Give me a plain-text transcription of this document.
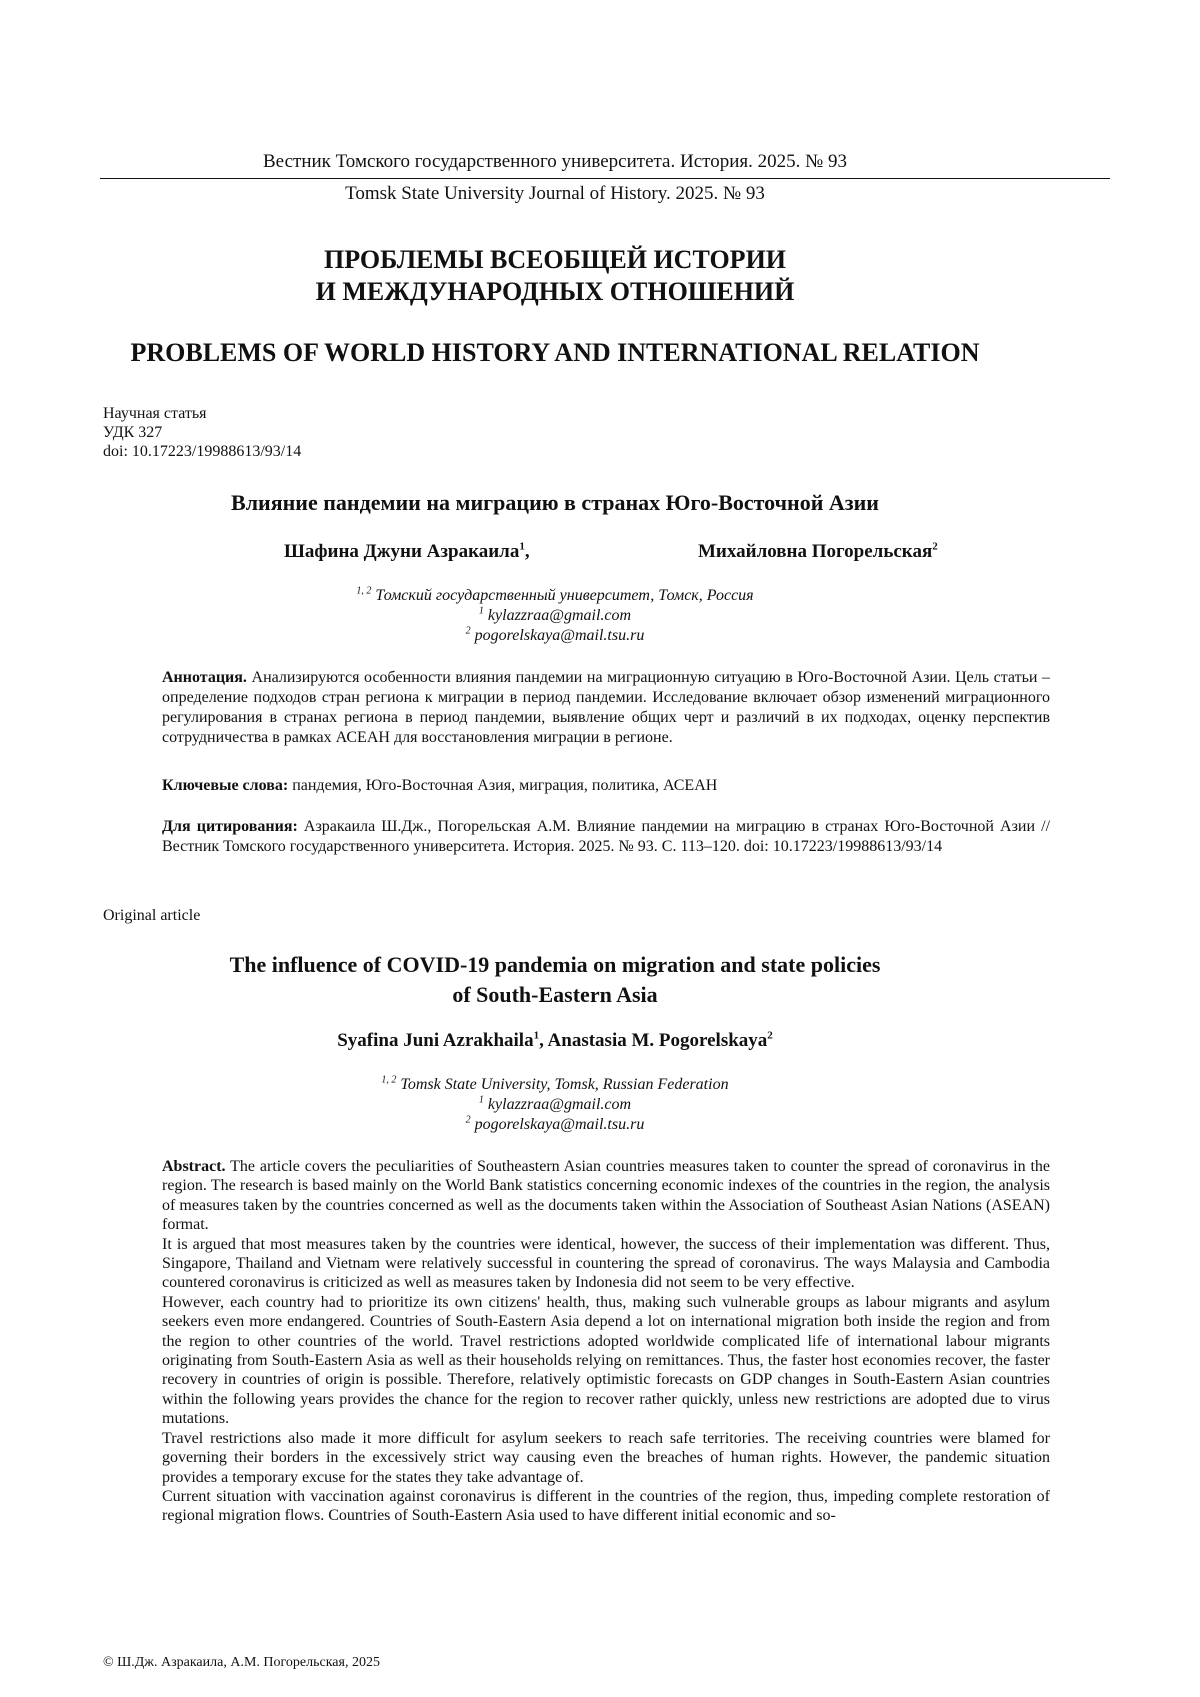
Вестник Томского государственного университета. История. 2025. № 93
Tomsk State University Journal of History. 2025. № 93
ПРОБЛЕМЫ ВСЕОБЩЕЙ ИСТОРИИ
И МЕЖДУНАРОДНЫХ ОТНОШЕНИЙ
PROBLEMS OF WORLD HISTORY AND INTERNATIONAL RELATION
Научная статья
УДК 327
doi: 10.17223/19988613/93/14
Влияние пандемии на миграцию в странах Юго-Восточной Азии
Шафина Джуни Азракаила$^1$,	Михайловна Погорельская$^2$
$^{1, 2}$ Томский государственный университет, Томск, Россия
$^1$ kylazzraa@gmail.com
$^2$ pogorelskaya@mail.tsu.ru
Аннотация. Анализируются особенности влияния пандемии на миграционную ситуацию в Юго-Восточной Азии. Цель статьи – определение подходов стран региона к миграции в период пандемии. Исследование включает обзор изменений миграционного регулирования в странах региона в период пандемии, выявление общих черт и различий в их подходах, оценку перспектив сотрудничества в рамках АСЕАН для восстановления миграции в регионе.
Ключевые слова: пандемия, Юго-Восточная Азия, миграция, политика, АСЕАН
Для цитирования: Азракаила Ш.Дж., Погорельская А.М. Влияние пандемии на миграцию в странах Юго-Восточной Азии // Вестник Томского государственного университета. История. 2025. № 93. С. 113–120. doi: 10.17223/19988613/93/14
Original article
The influence of COVID-19 pandemia on migration and state policies
of South-Eastern Asia
Syafina Juni Azrakhaila$^1$, Anastasia M. Pogorelskaya$^2$
$^{1, 2}$ Tomsk State University, Tomsk, Russian Federation
$^1$ kylazzraa@gmail.com
$^2$ pogorelskaya@mail.tsu.ru

Abstract. The article covers the peculiarities of Southeastern Asian countries measures taken to counter the spread of coronavirus in the region. The research is based mainly on the World Bank statistics concerning economic indexes of the countries in the region, the analysis of measures taken by the countries concerned as well as the documents taken within the Association of Southeast Asian Nations (ASEAN) format.

It is argued that most measures taken by the countries were identical, however, the success of their implementation was different. Thus, Singapore, Thailand and Vietnam were relatively successful in countering the spread of coronavirus. The ways Malaysia and Cambodia countered coronavirus is criticized as well as measures taken by Indonesia did not seem to be very effective.

However, each country had to prioritize its own citizens' health, thus, making such vulnerable groups as labour migrants and asylum seekers even more endangered. Countries of South-Eastern Asia depend a lot on international migration both inside the region and from the region to other countries of the world. Travel restrictions adopted worldwide complicated life of international labour migrants originating from South-Eastern Asia as well as their households relying on remittances. Thus, the faster host economies recover, the faster recovery in countries of origin is possible. Therefore, relatively optimistic forecasts on GDP changes in South-Eastern Asian countries within the following years provides the chance for the region to recover rather quickly, unless new restrictions are adopted due to virus mutations.

Travel restrictions also made it more difficult for asylum seekers to reach safe territories. The receiving countries were blamed for governing their borders in the excessively strict way causing even the breaches of human rights. However, the pandemic situation provides a temporary excuse for the states they take advantage of.

Current situation with vaccination against coronavirus is different in the countries of the region, thus, impeding complete restoration of regional migration flows. Countries of South-Eastern Asia used to have different initial economic and so-

© Ш.Дж. Азракаила, А.М. Погорельская, 2025
